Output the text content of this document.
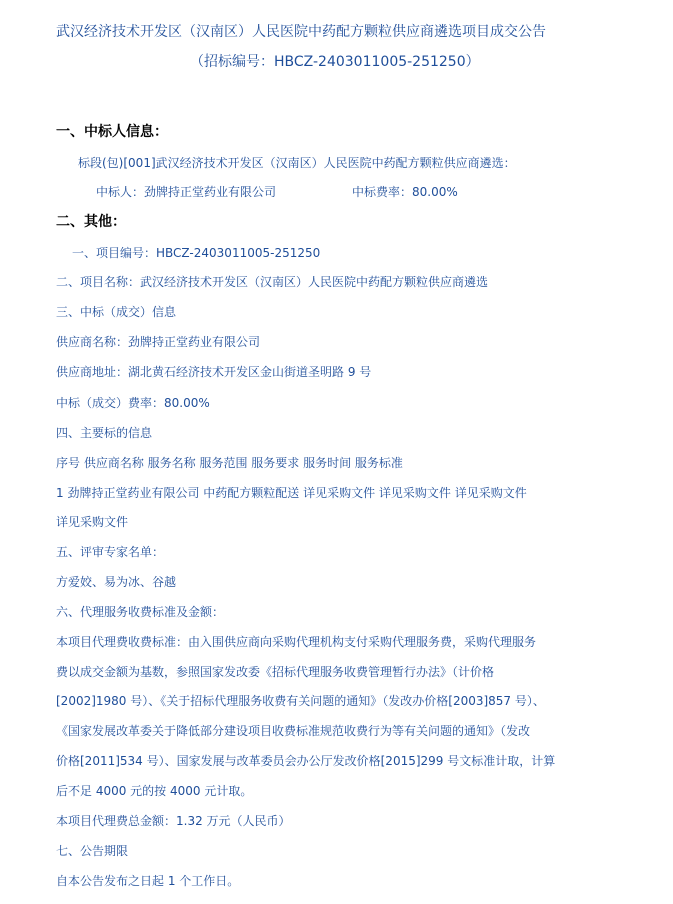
武汉经济技术开发区（汉南区）人民医院中药配方颗粒供应商遴选项目成交公告
（招标编号：HBCZ-2403011005-251250）
一、中标人信息：
标段(包)[001]武汉经济技术开发区（汉南区）人民医院中药配方颗粒供应商遴选：
中标人：劲牌持正堂药业有限公司	中标费率：80.00%
二、其他：
一、项目编号：HBCZ-2403011005-251250
二、项目名称：武汉经济技术开发区（汉南区）人民医院中药配方颗粒供应商遴选
三、中标（成交）信息
供应商名称：劲牌持正堂药业有限公司
供应商地址：湖北黄石经济技术开发区金山街道圣明路 9 号
中标（成交）费率：80.00%
四、主要标的信息
序号 供应商名称 服务名称 服务范围 服务要求 服务时间 服务标准
1 劲牌持正堂药业有限公司 中药配方颗粒配送 详见采购文件 详见采购文件 详见采购文件
详见采购文件
五、评审专家名单：
方爱姣、易为冰、谷越
六、代理服务收费标准及金额：
本项目代理费收费标准：由入围供应商向采购代理机构支付采购代理服务费，采购代理服务
费以成交金额为基数，参照国家发改委《招标代理服务收费管理暂行办法》（计价格
[2002]1980 号）、《关于招标代理服务收费有关问题的通知》（发改办价格[2003]857 号）、
《国家发展改革委关于降低部分建设项目收费标准规范收费行为等有关问题的通知》（发改
价格[2011]534 号）、国家发展与改革委员会办公厅发改价格[2015]299 号文标准计取，计算
后不足 4000 元的按 4000 元计取。
本项目代理费总金额：1.32 万元（人民币）
七、公告期限
自本公告发布之日起 1 个工作日。
